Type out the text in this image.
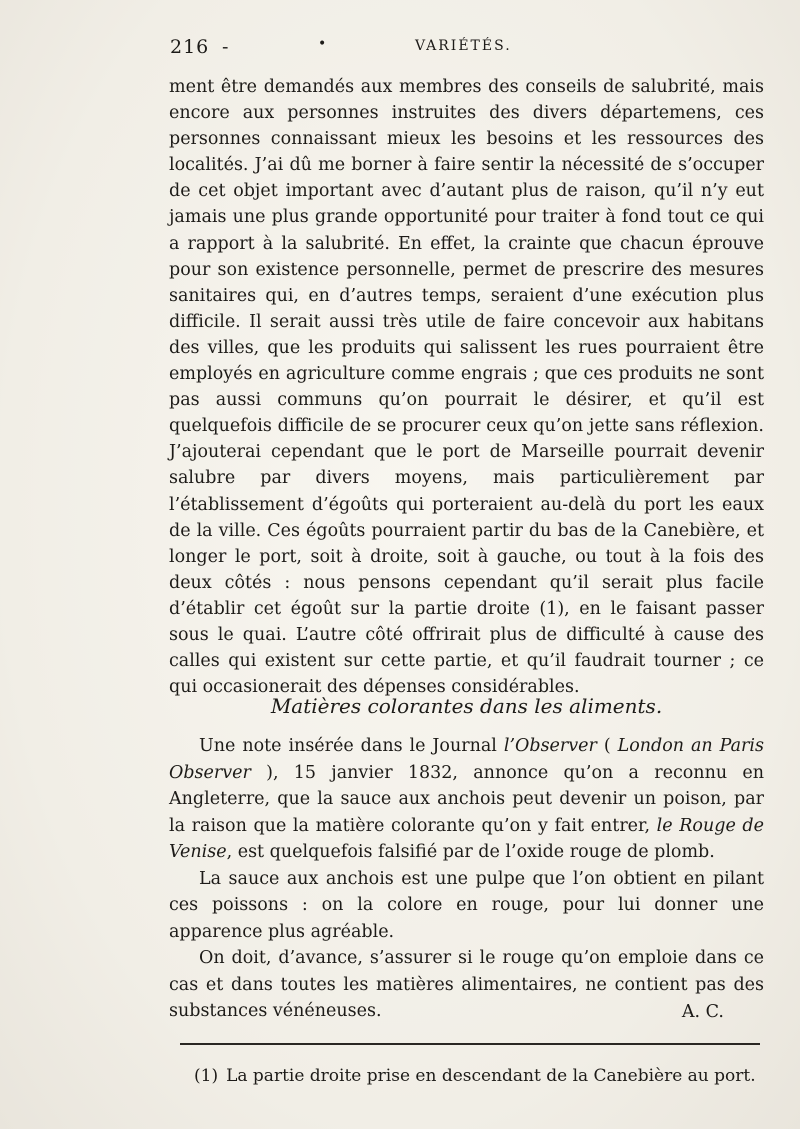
216 -	•	VARIÉTÉS.

ment être demandés aux membres des conseils de salubrité, mais encore aux personnes instruites des divers départemens, ces personnes connaissant mieux les besoins et les ressources des localités. J’ai dû me borner à faire sentir la nécessité de s’occuper de cet objet important avec d’autant plus de raison, qu’il n’y eut jamais une plus grande opportunité pour traiter à fond tout ce qui a rapport à la salubrité. En effet, la crainte que chacun éprouve pour son existence personnelle, permet de prescrire des mesures sanitaires qui, en d’autres temps, seraient d’une exécution plus difficile. Il serait aussi très utile de faire concevoir aux habitans des villes, que les produits qui salissent les rues pourraient être employés en agriculture comme engrais ; que ces produits ne sont pas aussi communs qu’on pourrait le désirer, et qu’il est quelquefois difficile de se procurer ceux qu’on jette sans réflexion. J’ajouterai cependant que le port de Marseille pourrait devenir salubre par divers moyens, mais particulièrement par l’établissement d’égoûts qui porteraient au-delà du port les eaux de la ville. Ces égoûts pourraient partir du bas de la Canebière, et longer le port, soit à droite, soit à gauche, ou tout à la fois des deux côtés : nous pensons cependant qu’il serait plus facile d’établir cet égoût sur la partie droite (1), en le faisant passer sous le quai. L’autre côté offrirait plus de difficulté à cause des calles qui existent sur cette partie, et qu’il faudrait tourner ; ce qui occasionerait des dépenses considérables.

Matières colorantes dans les aliments.

Une note insérée dans le Journal l’Observer ( London an Paris Observer ), 15 janvier 1832, annonce qu’on a reconnu en Angleterre, que la sauce aux anchois peut devenir un poison, par la raison que la matière colorante qu’on y fait entrer, le Rouge de Venise, est quelquefois falsifié par de l’oxide rouge de plomb.

La sauce aux anchois est une pulpe que l’on obtient en pilant ces poissons : on la colore en rouge, pour lui donner une apparence plus agréable.

On doit, d’avance, s’assurer si le rouge qu’on emploie dans ce cas et dans toutes les matières alimentaires, ne contient pas des substances vénéneuses.	A. C.

(1) La partie droite prise en descendant de la Canebière au port.
